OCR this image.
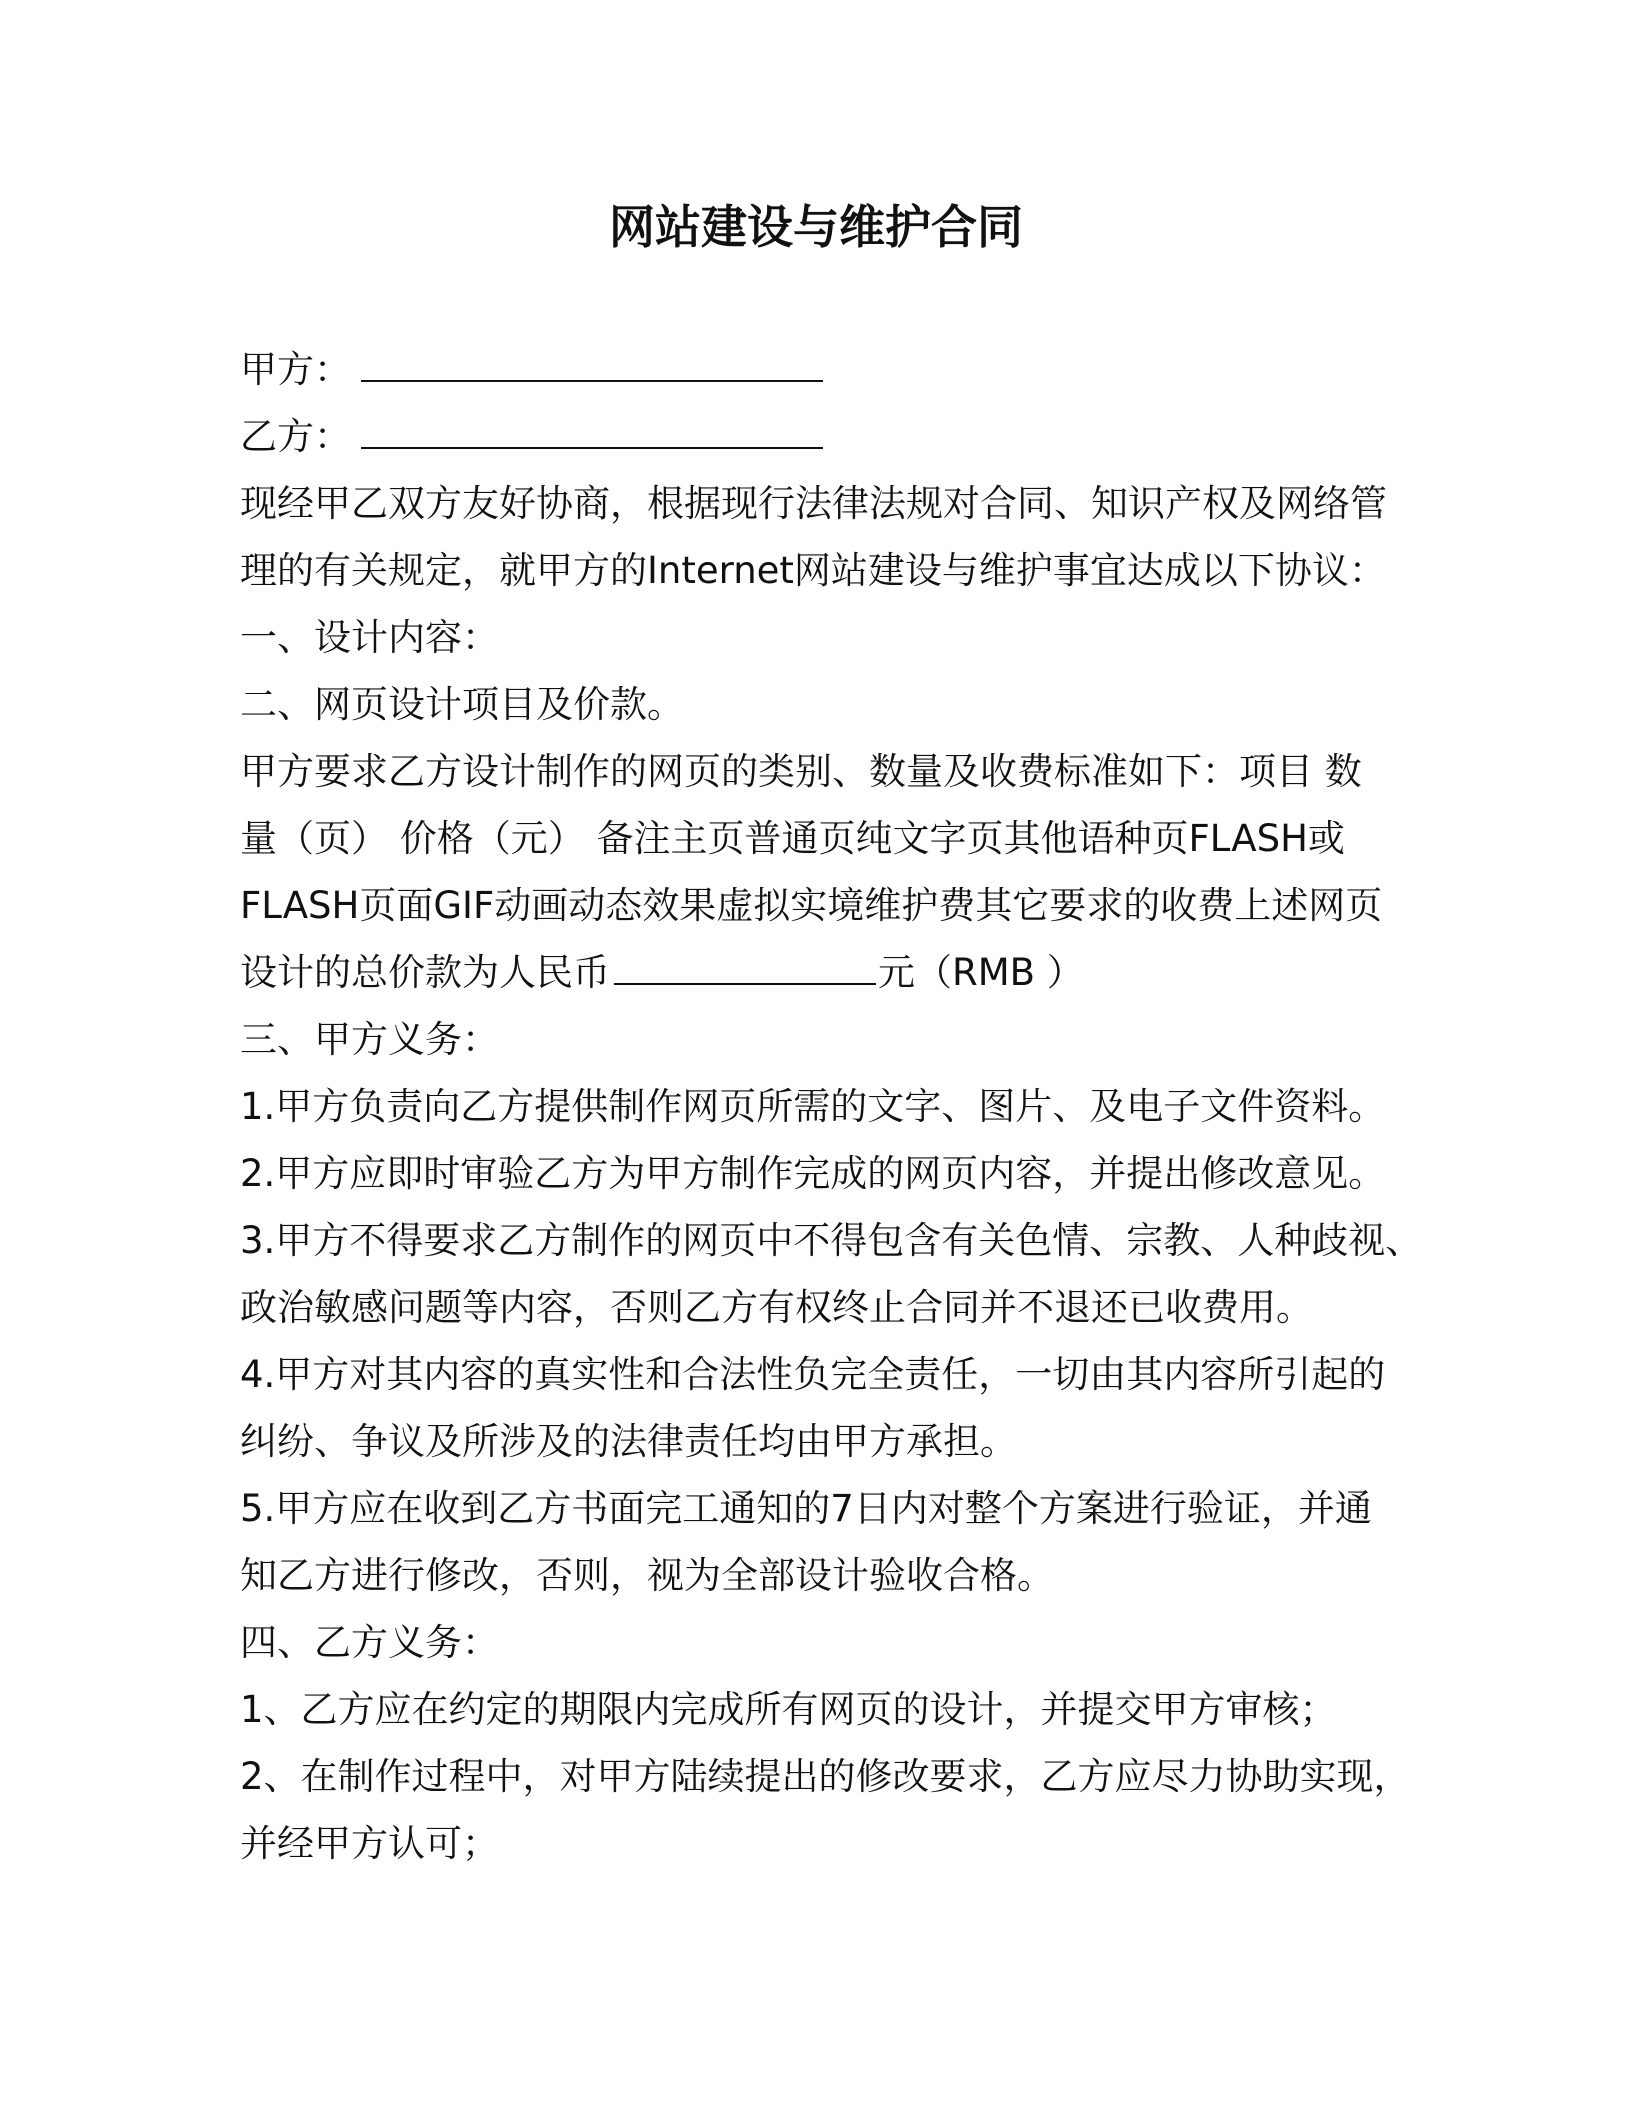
网站建设与维护合同
甲方：
乙方：
现经甲乙双方友好协商，根据现行法律法规对合同、知识产权及网络管
理的有关规定，就甲方的Internet网站建设与维护事宜达成以下协议：
一、设计内容：
二、网页设计项目及价款。
甲方要求乙方设计制作的网页的类别、数量及收费标准如下：项目 数
量（页） 价格（元） 备注主页普通页纯文字页其他语种页FLASH或
FLASH页面GIF动画动态效果虚拟实境维护费其它要求的收费上述网页
设计的总价款为人民币	元（RMB ）
三、甲方义务：
1.甲方负责向乙方提供制作网页所需的文字、图片、及电子文件资料。
2.甲方应即时审验乙方为甲方制作完成的网页内容，并提出修改意见。
3.甲方不得要求乙方制作的网页中不得包含有关色情、宗教、人种歧视、
政治敏感问题等内容，否则乙方有权终止合同并不退还已收费用。
4.甲方对其内容的真实性和合法性负完全责任，一切由其内容所引起的
纠纷、争议及所涉及的法律责任均由甲方承担。
5.甲方应在收到乙方书面完工通知的7日内对整个方案进行验证，并通
知乙方进行修改，否则，视为全部设计验收合格。
四、乙方义务：
1、乙方应在约定的期限内完成所有网页的设计，并提交甲方审核；
2、在制作过程中，对甲方陆续提出的修改要求，乙方应尽力协助实现，
并经甲方认可；
